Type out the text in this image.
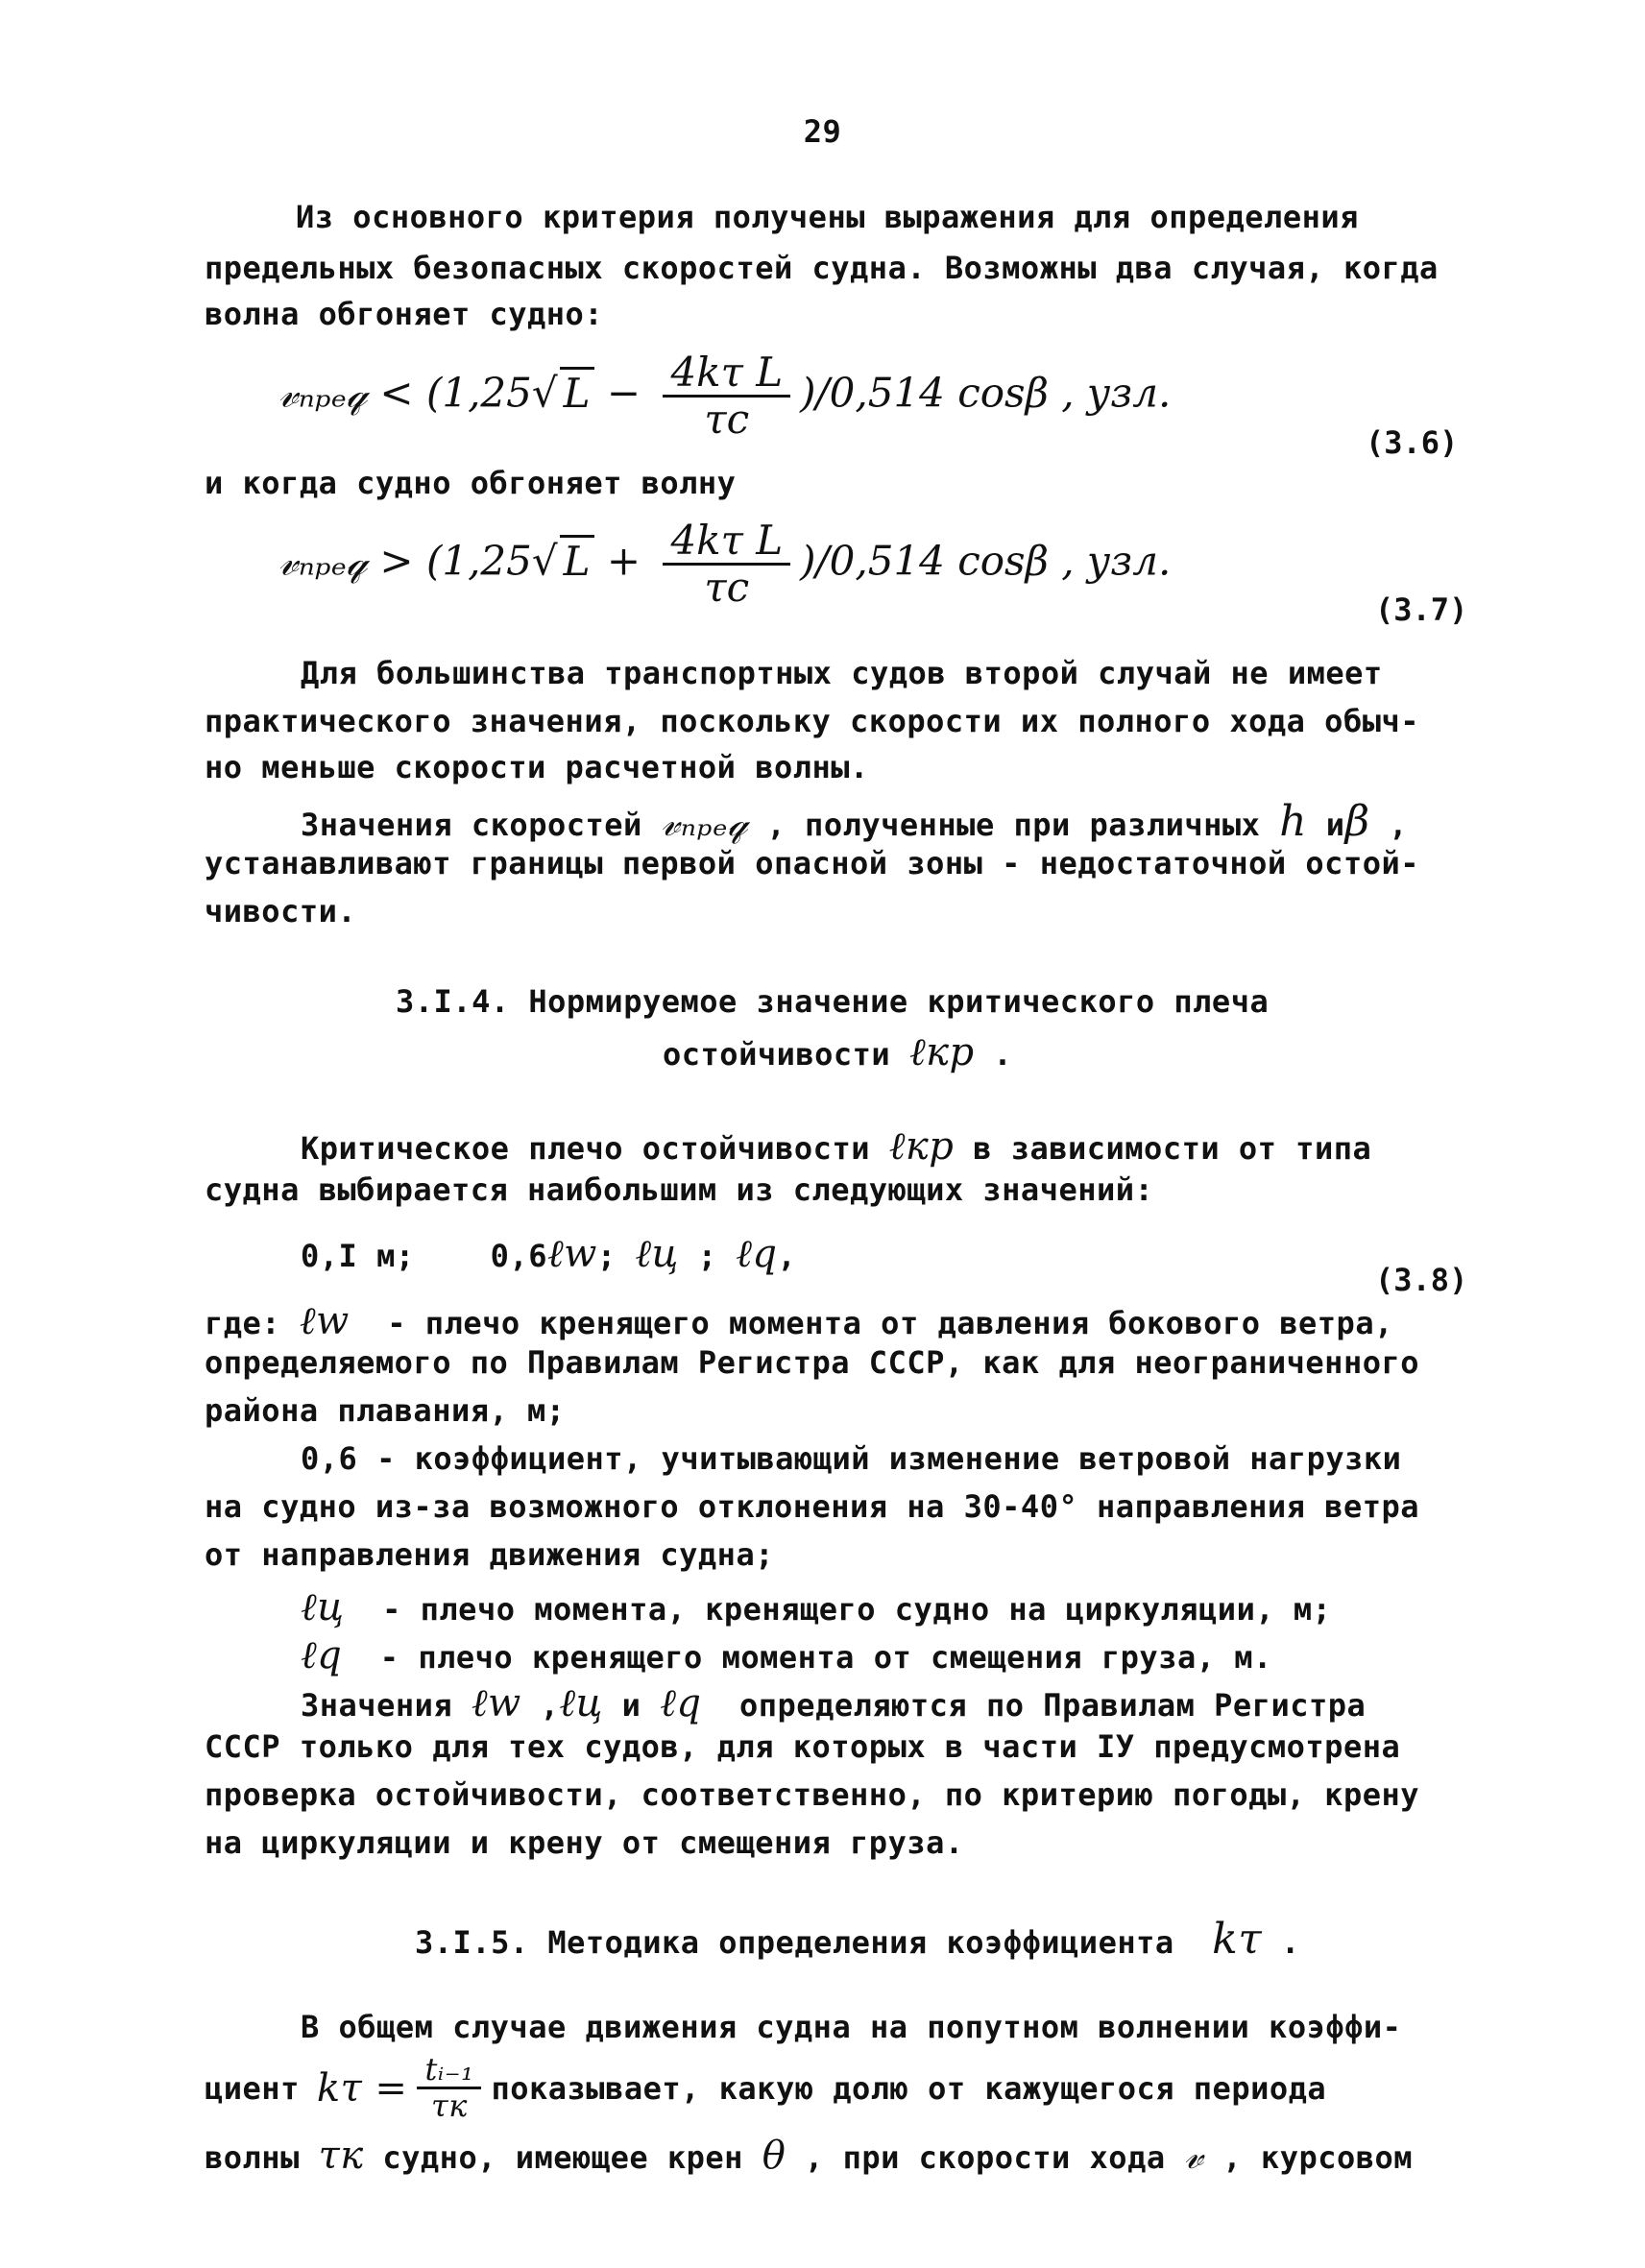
29

Из основного критерия получены выражения для определения

предельных безопасных скоростей судна. Возможны два случая, когда

волна обгоняет судно:

𝓋ₙₚₑ𝓆 < (1,25√ $L - \frac{\text{4kτ L}}{\tau c} )/0,514$ cosβ , узл.

(3.6)

и когда судно обгоняет волну

𝓋ₙₚₑ𝓆 > (1,25√ $L + \frac{\text{4kτ L}}{\tau c} )/0,514$ cosβ , узл.

(3.7)

Для большинства транспортных судов второй случай не имеет

практического значения, поскольку скорости их полного хода обыч-

но меньше скорости расчетной волны.

Значения скоростей 𝓋ₙₚₑ𝓆 , полученные при различных h иβ ,

устанавливают границы первой опасной зоны - недостаточной остой-

чивости.

3.I.4. Нормируемое значение критического плеча

остойчивости ℓкр .

Критическое плечо остойчивости ℓкр в зависимости от типа

судна выбирается наибольшим из следующих значений:

0,I м; 0,6ℓw; ℓц ; ℓq,

(3.8)

где: ℓw - плечо кренящего момента от давления бокового ветра,

определяемого по Правилам Регистра СССР, как для неограниченного

района плавания, м;

0,6 - коэффициент, учитывающий изменение ветровой нагрузки

на судно из-за возможного отклонения на 30-40° направления ветра

от направления движения судна;

ℓц - плечо момента, кренящего судно на циркуляции, м;

ℓq - плечо кренящего момента от смещения груза, м.

Значения ℓw ,ℓц и ℓq определяются по Правилам Регистра

СССР только для тех судов, для которых в части IУ предусмотрена

проверка остойчивости, соответственно, по критерию погоды, крену

на циркуляции и крену от смещения груза.

3.I.5. Методика определения коэффициента kτ .

В общем случае движения судна на попутном волнении коэффи-

циент $k\tau = \frac{\text{tᵢ₋₁}}{\tau к}$ показывает, какую долю от кажущегося периода

волны τк судно, имеющее крен θ , при скорости хода 𝓋 , курсовом
